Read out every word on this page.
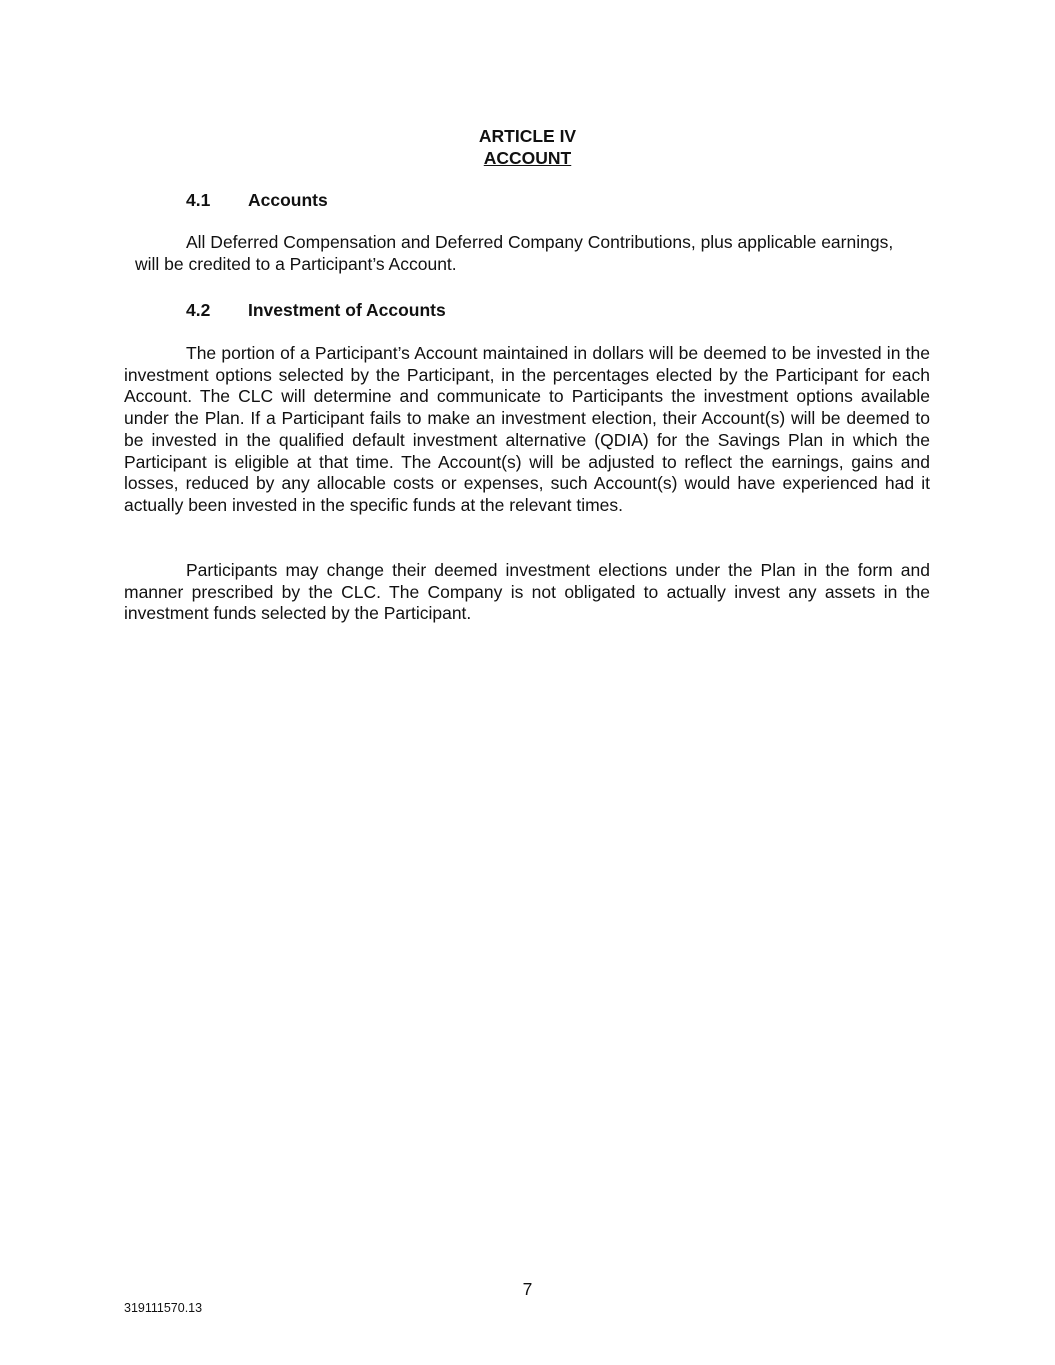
ARTICLE IV
ACCOUNT
4.1 Accounts
All Deferred Compensation and Deferred Company Contributions, plus applicable earnings, will be credited to a Participant’s Account.
4.2 Investment of Accounts
The portion of a Participant’s Account maintained in dollars will be deemed to be invested in the investment options selected by the Participant, in the percentages elected by the Participant for each Account. The CLC will determine and communicate to Participants the investment options available under the Plan. If a Participant fails to make an investment election, their Account(s) will be deemed to be invested in the qualified default investment alternative (QDIA) for the Savings Plan in which the Participant is eligible at that time. The Account(s) will be adjusted to reflect the earnings, gains and losses, reduced by any allocable costs or expenses, such Account(s) would have experienced had it actually been invested in the specific funds at the relevant times.
Participants may change their deemed investment elections under the Plan in the form and manner prescribed by the CLC. The Company is not obligated to actually invest any assets in the investment funds selected by the Participant.
7
319111570.13
